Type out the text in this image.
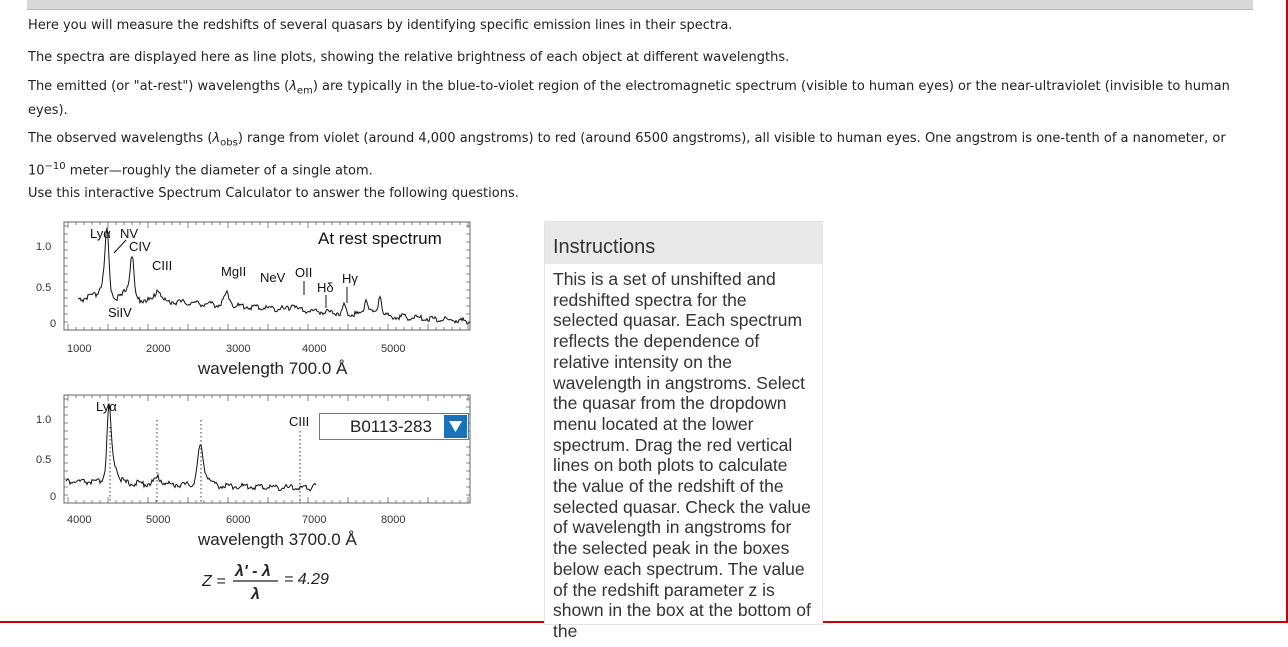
Here you will measure the redshifts of several quasars by identifying specific emission lines in their spectra.
The spectra are displayed here as line plots, showing the relative brightness of each object at different wavelengths.
The emitted (or "at-rest") wavelengths $(\lambda_{em})$ are typically in the blue-to-violet region of the electromagnetic spectrum (visible to human eyes) or the near-ultraviolet (invisible to human eyes).
The observed wavelengths $(\lambda_{obs})$ range from violet (around 4,000 angstroms) to red (around 6500 angstroms), all visible to human eyes. One angstrom is one-tenth of a nanometer, or $10^{-10}$ meter—roughly the diameter of a single atom.
Use this interactive Spectrum Calculator to answer the following questions.
1.0
0.5
0
1000	2000	3000	4000	5000
At rest spectrum
Lyα NV
CIV
CIII	MgII NeV OII
Hδ
Hγ
SiIV
wavelength 700.0 Å
1.0
0.5
0
4000	5000	6000	7000	8000
Lyα
CIII
wavelength 3700.0 Å
Z =
λ' - λ
λ
= 4.29
B0113-283
Instructions
This is a set of unshifted and redshifted spectra for the selected quasar. Each spectrum reflects the dependence of relative intensity on the wavelength in angstroms. Select the quasar from the dropdown menu located at the lower spectrum. Drag the red vertical lines on both plots to calculate the value of the redshift of the selected quasar. Check the value of wavelength in angstroms for the selected peak in the boxes below each spectrum. The value of the redshift parameter z is shown in the box at the bottom of the
